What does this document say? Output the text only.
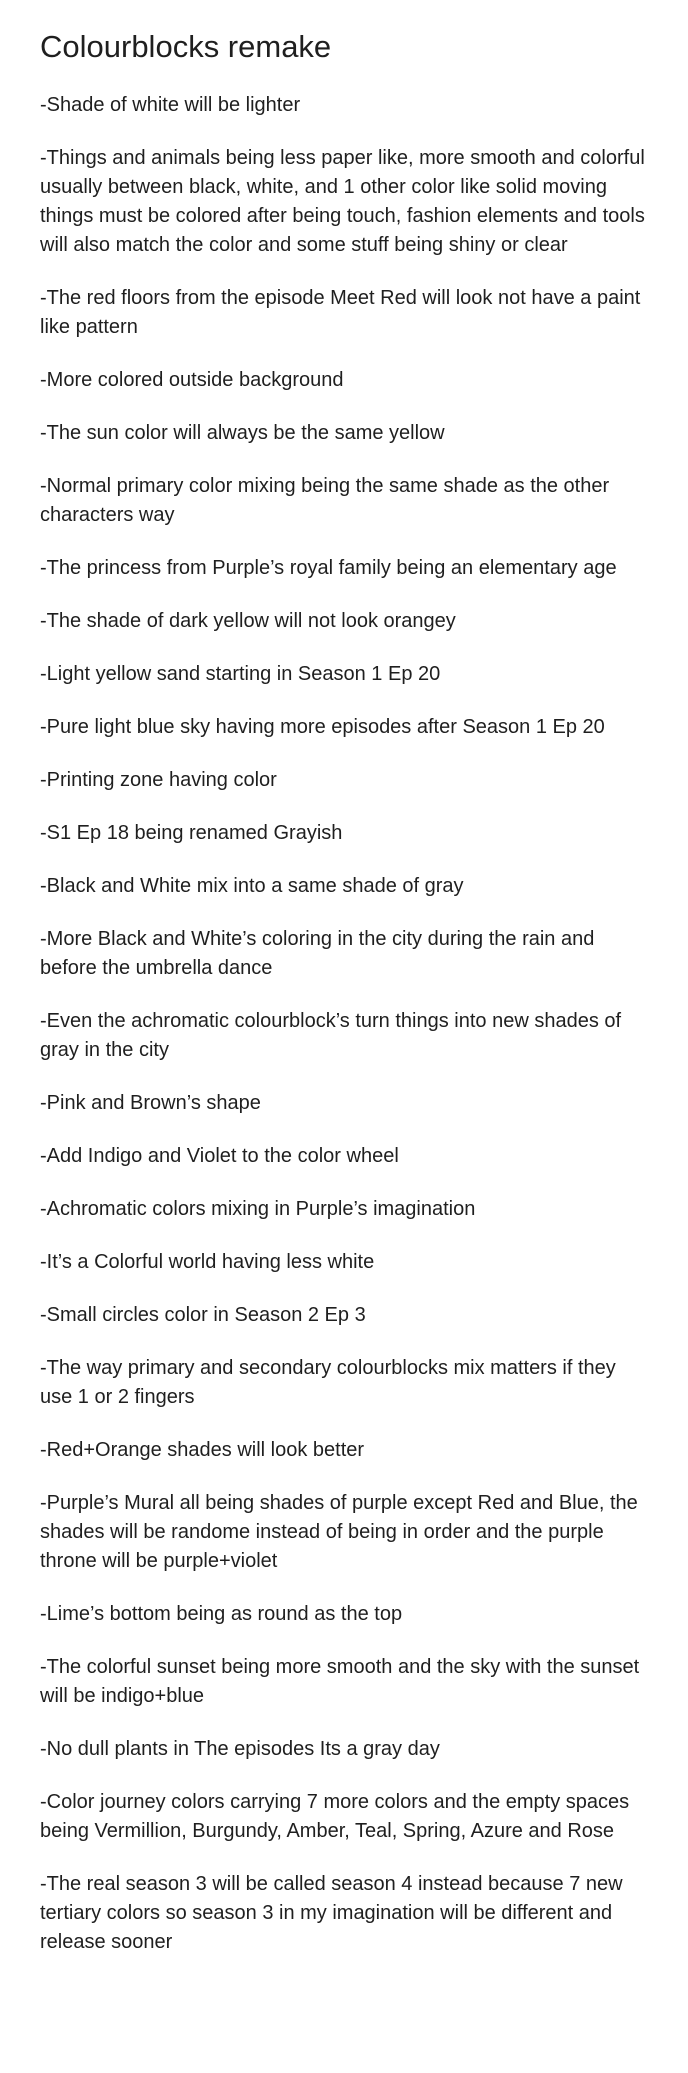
Colourblocks remake
-Shade of white will be lighter
-Things and animals being less paper like, more smooth and colorful usually between black, white, and 1 other color like solid moving things must be colored after being touch, fashion elements and tools will also match the color and some stuff being shiny or clear
-The red floors from the episode Meet Red will look not have a paint like pattern
-More colored outside background
-The sun color will always be the same yellow
-Normal primary color mixing being the same shade as the other characters way
-The princess from Purple’s royal family being an elementary age
-The shade of dark yellow will not look orangey
-Light yellow sand starting in Season 1 Ep 20
-Pure light blue sky having more episodes after Season 1 Ep 20
-Printing zone having color
-S1 Ep 18 being renamed Grayish
-Black and White mix into a same shade of gray
-More Black and White’s coloring in the city during the rain and before the umbrella dance
-Even the achromatic colourblock’s turn things into new shades of gray in the city
-Pink and Brown’s shape
-Add Indigo and Violet to the color wheel
-Achromatic colors mixing in Purple’s imagination
-It’s a Colorful world having less white
-Small circles color in Season 2 Ep 3
-The way primary and secondary colourblocks mix matters if they use 1 or 2 fingers
-Red+Orange shades will look better
-Purple’s Mural all being shades of purple except Red and Blue, the shades will be randome instead of being in order and the purple throne will be purple+violet
-Lime’s bottom being as round as the top
-The colorful sunset being more smooth and the sky with the sunset will be indigo+blue
-No dull plants in The episodes Its a gray day
-Color journey colors carrying 7 more colors and the empty spaces being Vermillion, Burgundy, Amber, Teal, Spring, Azure and Rose
-The real season 3 will be called season 4 instead because 7 new tertiary colors so season 3 in my imagination will be different and release sooner
